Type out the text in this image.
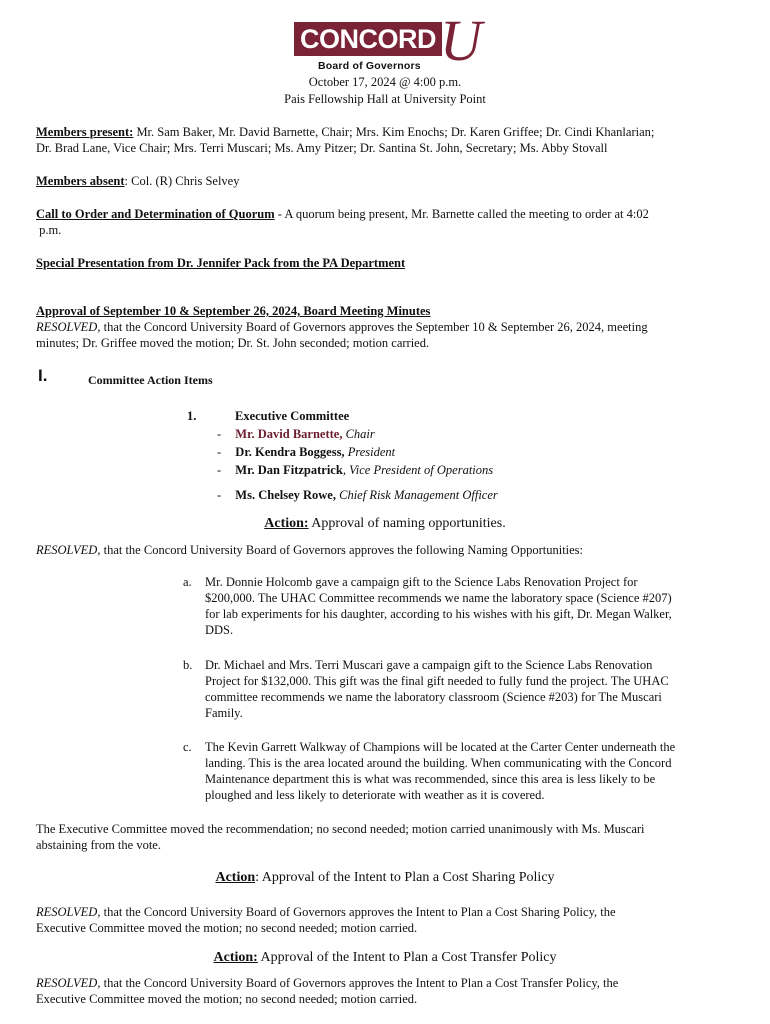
CONCORD U
Board of Governors
October 17, 2024 @ 4:00 p.m.
Pais Fellowship Hall at University Point
Members present: Mr. Sam Baker, Mr. David Barnette, Chair; Mrs. Kim Enochs; Dr. Karen Griffee; Dr. Cindi Khanlarian;
Dr. Brad Lane, Vice Chair; Mrs. Terri Muscari; Ms. Amy Pitzer; Dr. Santina St. John, Secretary; Ms. Abby Stovall
Members absent: Col. (R) Chris Selvey
Call to Order and Determination of Quorum - A quorum being present, Mr. Barnette called the meeting to order at 4:02
p.m.
Special Presentation from Dr. Jennifer Pack from the PA Department
Approval of September 10 & September 26, 2024, Board Meeting Minutes
RESOLVED, that the Concord University Board of Governors approves the September 10 & September 26, 2024, meeting
minutes; Dr. Griffee moved the motion; Dr. St. John seconded; motion carried.
I.	Committee Action Items
1.	Executive Committee
- Mr. David Barnette, Chair
- Dr. Kendra Boggess, President
- Mr. Dan Fitzpatrick, Vice President of Operations
- Ms. Chelsey Rowe, Chief Risk Management Officer
Action: Approval of naming opportunities.
RESOLVED, that the Concord University Board of Governors approves the following Naming Opportunities:
a.	Mr. Donnie Holcomb gave a campaign gift to the Science Labs Renovation Project for
$200,000. The UHAC Committee recommends we name the laboratory space (Science #207)
for lab experiments for his daughter, according to his wishes with his gift, Dr. Megan Walker,
DDS.
b.	Dr. Michael and Mrs. Terri Muscari gave a campaign gift to the Science Labs Renovation
Project for $132,000. This gift was the final gift needed to fully fund the project. The UHAC
committee recommends we name the laboratory classroom (Science #203) for The Muscari
Family.
c.	The Kevin Garrett Walkway of Champions will be located at the Carter Center underneath the
landing. This is the area located around the building. When communicating with the Concord
Maintenance department this is what was recommended, since this area is less likely to be
ploughed and less likely to deteriorate with weather as it is covered.
The Executive Committee moved the recommendation; no second needed; motion carried unanimously with Ms. Muscari
abstaining from the vote.
Action: Approval of the Intent to Plan a Cost Sharing Policy
RESOLVED, that the Concord University Board of Governors approves the Intent to Plan a Cost Sharing Policy, the
Executive Committee moved the motion; no second needed; motion carried.
Action: Approval of the Intent to Plan a Cost Transfer Policy
RESOLVED, that the Concord University Board of Governors approves the Intent to Plan a Cost Transfer Policy, the
Executive Committee moved the motion; no second needed; motion carried.
